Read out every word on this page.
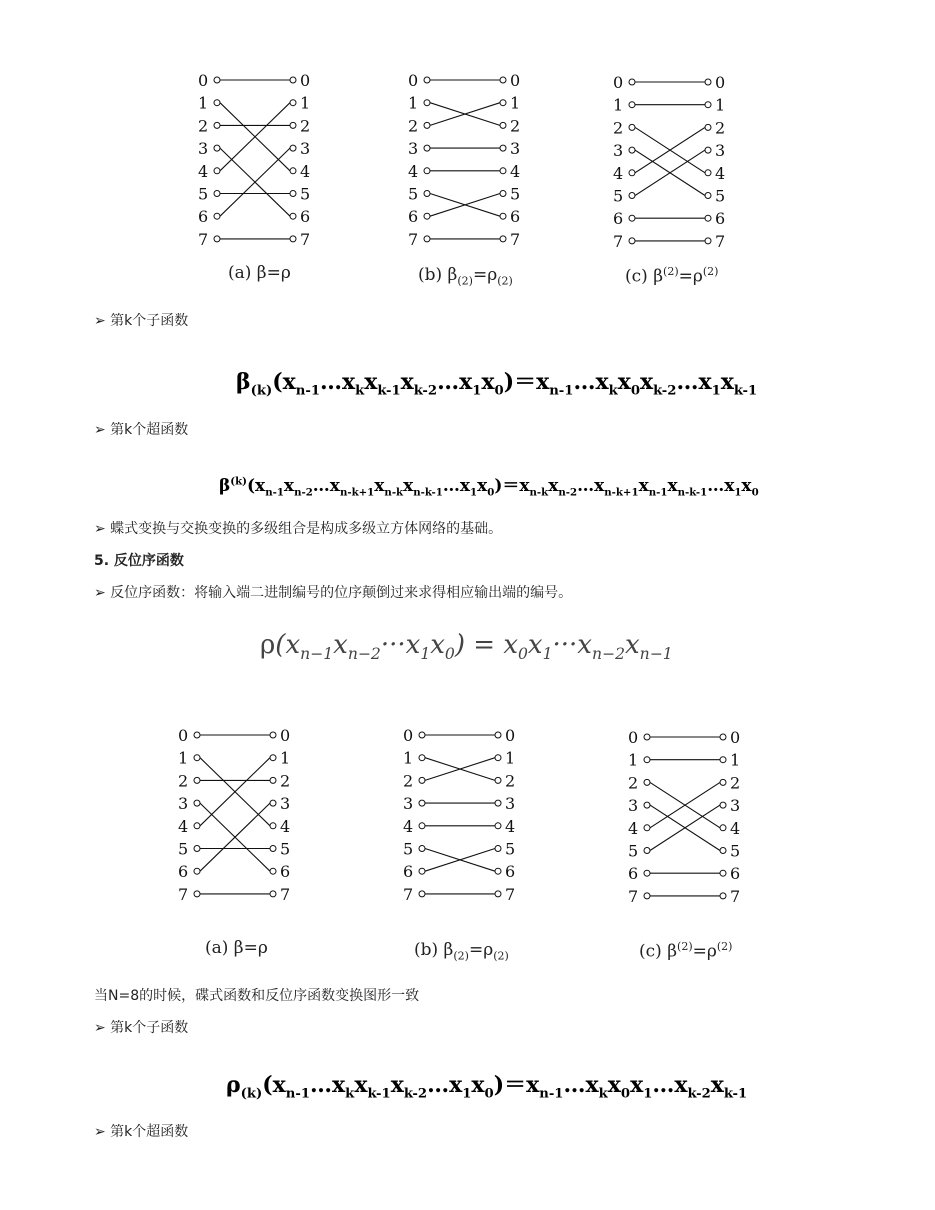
0	0
1	1
2	2
3	3
4	4
5	5
6	6
7	7
0	0
1	1
2	2
3	3
4	4
5	5
6	6
7	7
0	0
1	1
2	2
3	3
4	4
5	5
6	6
7	7
(a) β=ρ	(b) $\beta_{(2)}=\rho_{(2)}$	(c) $\beta^{(2)}=\rho^{(2)}$
➢ 第k个子函数
$\beta_{(k)}(x_{n-1}\dots x_kx_{k-1}x_{k-2}\dots x_1x_0)=x_{n-1}\dots x_kx_0x_{k-2}\dots x_1x_{k-1}$
➢ 第k个超函数
$\beta^{(k)}(x_{n-1}x_{n-2}\dots x_{n-k+1}x_{n-k}x_{n-k-1}\dots x_1x_0)=x_{n-k}x_{n-2}\dots x_{n-k+1}x_{n-1}x_{n-k-1}\dots x_1x_0$
➢ 蝶式变换与交换变换的多级组合是构成多级立方体网络的基础。
5. 反位序函数
➢ 反位序函数：将输入端二进制编号的位序颠倒过来求得相应输出端的编号。
$\rho(x_{n-1}x_{n-2}\cdot\cdot\cdot x_1x_0) = x_0x_1\cdot\cdot\cdot x_{n-2}x_{n-1}$
0	0
1	1
2	2
3	3
4	4
5	5
6	6
7	7
0	0
1	1
2	2
3	3
4	4
5	5
6	6
7	7
0	0
1	1
2	2
3	3
4	4
5	5
6	6
7	7
(a) β=ρ	(b) $\beta_{(2)}=\rho_{(2)}$	(c) $\beta^{(2)}=\rho^{(2)}$
当N=8的时候，碟式函数和反位序函数变换图形一致
➢ 第k个子函数
$\rho_{(k)}(x_{n-1}\dots x_kx_{k-1}x_{k-2}\dots x_1x_0)=x_{n-1}\dots x_kx_0x_1\dots x_{k-2}x_{k-1}$
➢ 第k个超函数
